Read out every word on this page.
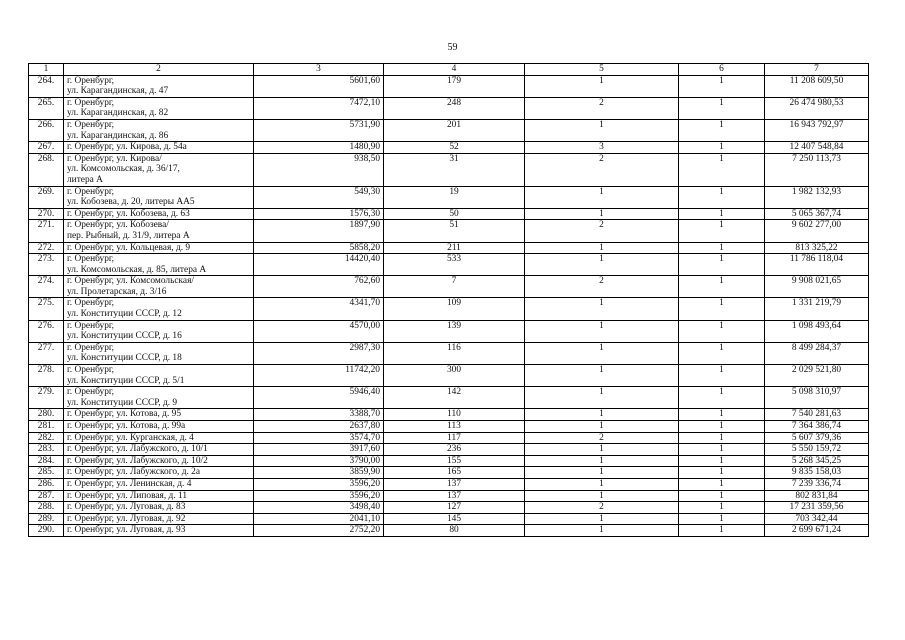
59
1	2	3	4	5	6	7
264.	г. Оренбург,
ул. Карагандинская, д. 47	5601,60	179	1	1	11 208 609,50
265.	г. Оренбург,
ул. Карагандинская, д. 82	7472,10	248	2	1	26 474 980,53
266.	г. Оренбург,
ул. Карагандинская, д. 86	5731,90	201	1	1	16 943 792,97
267.	г. Оренбург, ул. Кирова, д. 54а	1480,90	52	3	1	12 407 548,84
268.	г. Оренбург, ул. Кирова/
ул. Комсомольская, д. 36/17,
литера А	938,50	31	2	1	7 250 113,73
269.	г. Оренбург,
ул. Кобозева, д. 20, литеры АА5	549,30	19	1	1	1 982 132,93
270.	г. Оренбург, ул. Кобозева, д. 63	1576,30	50	1	1	5 065 367,74
271.	г. Оренбург, ул. Кобозева/
пер. Рыбный, д. 31/9, литера А	1897,90	51	2	1	9 602 277,00
272.	г. Оренбург, ул. Кольцевая, д. 9	5858,20	211	1	1	813 325,22
273.	г. Оренбург,
ул. Комсомольская, д. 85, литера А	14420,40	533	1	1	11 786 118,04
274.	г. Оренбург, ул. Комсомольская/
ул. Пролетарская, д. 3/16	762,60	7	2	1	9 908 021,65
275.	г. Оренбург,
ул. Конституции СССР, д. 12	4341,70	109	1	1	1 331 219,79
276.	г. Оренбург,
ул. Конституции СССР, д. 16	4570,00	139	1	1	1 098 493,64
277.	г. Оренбург,
ул. Конституции СССР, д. 18	2987,30	116	1	1	8 499 284,37
278.	г. Оренбург,
ул. Конституции СССР, д. 5/1	11742,20	300	1	1	2 029 521,80
279.	г. Оренбург,
ул. Конституции СССР, д. 9	5946,40	142	1	1	5 098 310,97
280.	г. Оренбург, ул. Котова, д. 95	3388,70	110	1	1	7 540 281,63
281.	г. Оренбург, ул. Котова, д. 99а	2637,80	113	1	1	7 364 386,74
282.	г. Оренбург, ул. Курганская, д. 4	3574,70	117	2	1	5 607 379,36
283.	г. Оренбург, ул. Лабужского, д. 10/1	3917,60	236	1	1	5 550 159,72
284.	г. Оренбург, ул. Лабужского, д. 10/2	3790,00	155	1	1	5 268 345,25
285.	г. Оренбург, ул. Лабужского, д. 2а	3859,90	165	1	1	9 835 158,03
286.	г. Оренбург, ул. Ленинская, д. 4	3596,20	137	1	1	7 239 336,74
287.	г. Оренбург, ул. Липовая, д. 11	3596,20	137	1	1	802 831,84
288.	г. Оренбург, ул. Луговая, д. 83	3498,40	127	2	1	17 231 359,56
289.	г. Оренбург, ул. Луговая, д. 92	2041,10	145	1	1	703 342,44
290.	г. Оренбург, ул. Луговая, д. 93	2752,20	80	1	1	2 699 671,24
